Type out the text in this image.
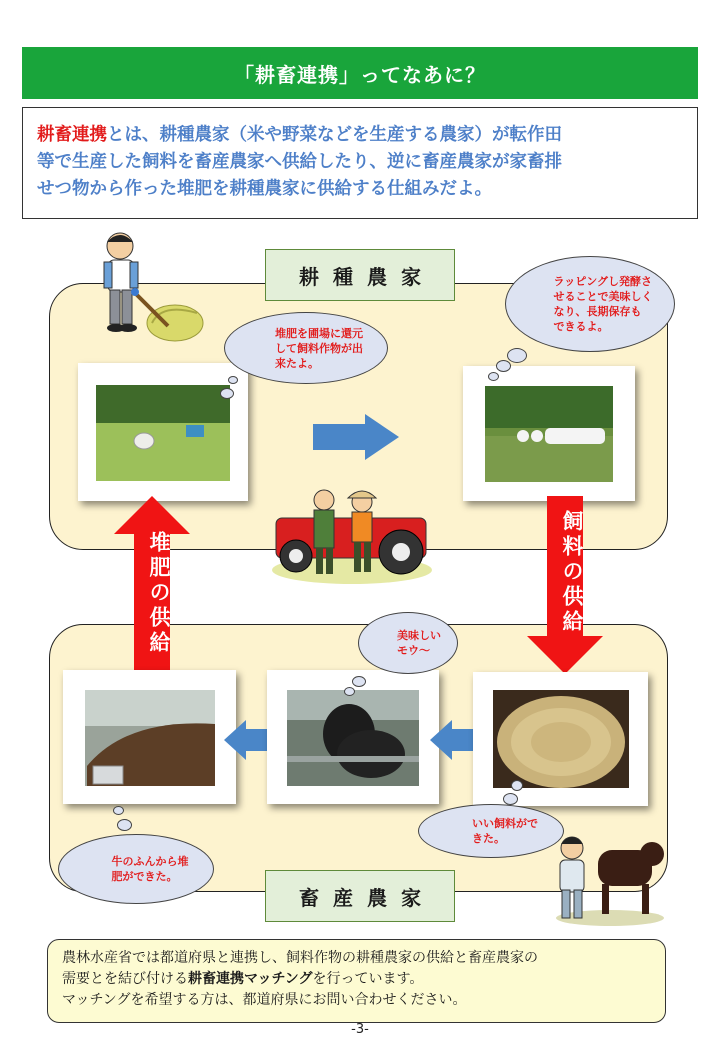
「耕畜連携」ってなあに？
耕畜連携とは、耕種農家（米や野菜などを生産する農家）が転作田
等で生産した飼料を畜産農家へ供給したり、逆に畜産農家が家畜排
せつ物から作った堆肥を耕種農家に供給する仕組みだよ。
耕種農家
畜産農家
堆肥を圃場に還元
して飼料作物が出
来たよ。
ラッピングし発酵さ
せることで美味しく
なり、長期保存も
できるよ。
堆肥の供給	飼料の供給
美味しい
モウ〜
いい飼料がで
きた。
牛のふんから堆
肥ができた。
農林水産省では都道府県と連携し、飼料作物の耕種農家の供給と畜産農家の
需要とを結び付ける耕畜連携マッチングを行っています。
マッチングを希望する方は、都道府県にお問い合わせください。
-3-
